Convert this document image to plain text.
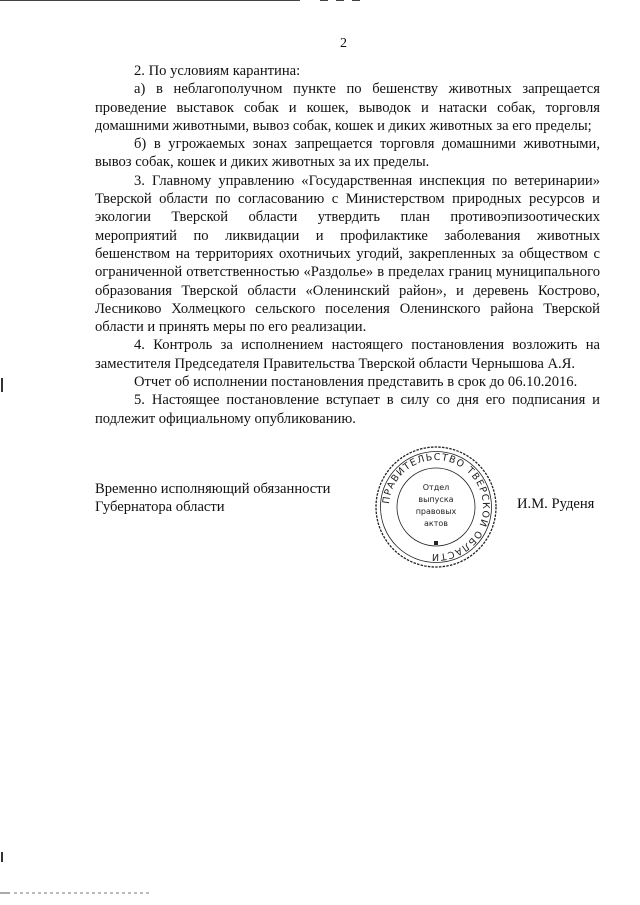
2

2. По условиям карантина:

а) в неблагополучном пункте по бешенству животных запрещается проведение выставок собак и кошек, выводок и натаски собак, торговля домашними животными, вывоз собак, кошек и диких животных за его пределы;

б) в угрожаемых зонах запрещается торговля домашними животными, вывоз собак, кошек и диких животных за их пределы.

3. Главному управлению «Государственная инспекция по ветеринарии» Тверской области по согласованию с Министерством природных ресурсов и экологии Тверской области утвердить план противоэпизоотических мероприятий по ликвидации и профилактике заболевания животных бешенством на территориях охотничьих угодий, закрепленных за обществом с ограниченной ответственностью «Раздолье» в пределах границ муниципального образования Тверской области «Оленинский район», и деревень Кострово, Лесниково Холмецкого сельского поселения Оленинского района Тверской области и принять меры по его реализации.

4. Контроль за исполнением настоящего постановления возложить на заместителя Председателя Правительства Тверской области Чернышова А.Я.

Отчет об исполнении постановления представить в срок до 06.10.2016.

5. Настоящее постановление вступает в силу со дня его подписания и подлежит официальному опубликованию.

Временно исполняющий обязанности
Губернатора области	ПРАВИТЕЛЬСТВО ТВЕРСКОЙ ОБЛАСТИ
Отдел
выпуска
правовых
актов
И.М. Руденя
